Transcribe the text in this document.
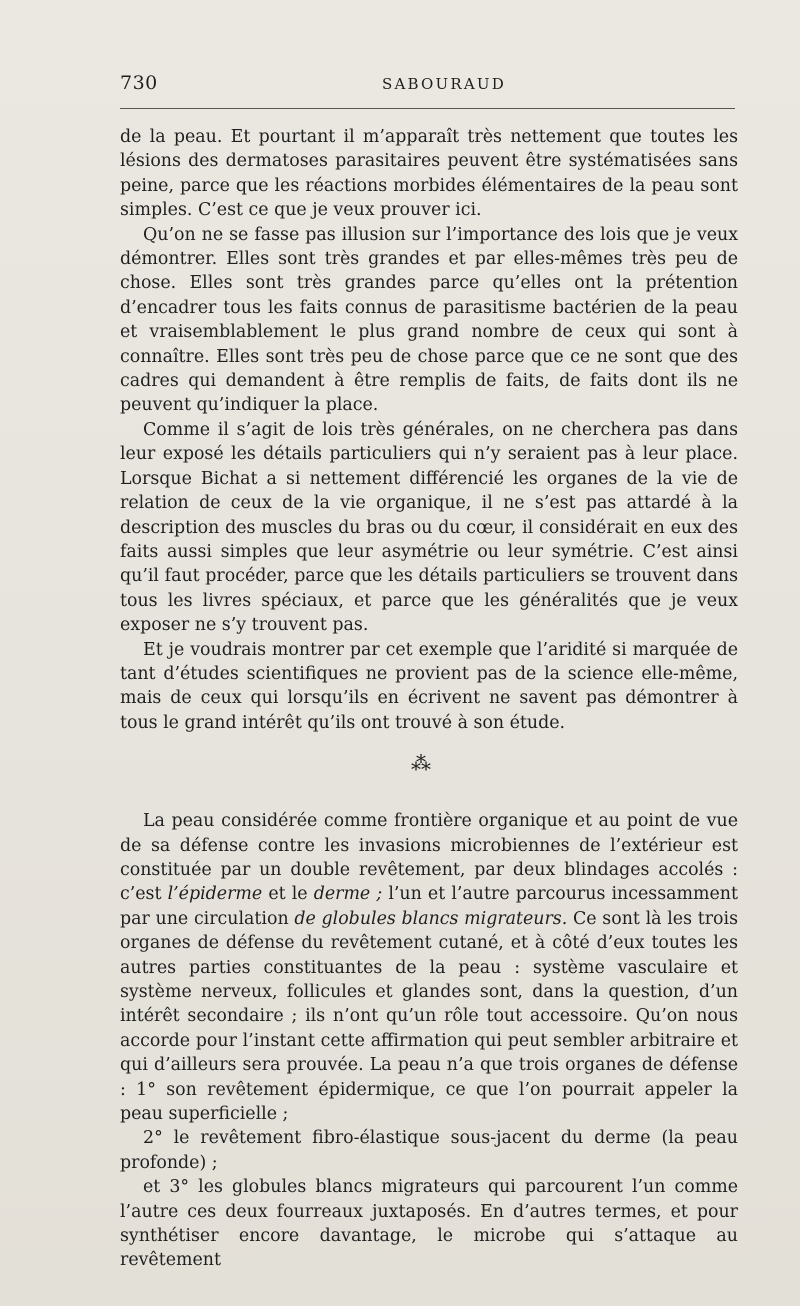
730	SABOURAUD

de la peau. Et pourtant il m’apparaît très nettement que toutes les lésions des dermatoses parasitaires peuvent être systématisées sans peine, parce que les réactions morbides élémentaires de la peau sont simples. C’est ce que je veux prouver ici.

Qu’on ne se fasse pas illusion sur l’importance des lois que je veux démontrer. Elles sont très grandes et par elles-mêmes très peu de chose. Elles sont très grandes parce qu’elles ont la prétention d’encadrer tous les faits connus de parasitisme bactérien de la peau et vraisemblablement le plus grand nombre de ceux qui sont à connaître. Elles sont très peu de chose parce que ce ne sont que des cadres qui demandent à être remplis de faits, de faits dont ils ne peuvent qu’indiquer la place.

Comme il s’agit de lois très générales, on ne cherchera pas dans leur exposé les détails particuliers qui n’y seraient pas à leur place. Lorsque Bichat a si nettement différencié les organes de la vie de relation de ceux de la vie organique, il ne s’est pas attardé à la description des muscles du bras ou du cœur, il considérait en eux des faits aussi simples que leur asymétrie ou leur symétrie. C’est ainsi qu’il faut procéder, parce que les détails particuliers se trouvent dans tous les livres spéciaux, et parce que les généralités que je veux exposer ne s’y trouvent pas.

Et je voudrais montrer par cet exemple que l’aridité si marquée de tant d’études scientifiques ne provient pas de la science elle-même, mais de ceux qui lorsqu’ils en écrivent ne savent pas démontrer à tous le grand intérêt qu’ils ont trouvé à son étude.

⁂

La peau considérée comme frontière organique et au point de vue de sa défense contre les invasions microbiennes de l’extérieur est constituée par un double revêtement, par deux blindages accolés : c’est l’épiderme et le derme ; l’un et l’autre parcourus incessamment par une circulation de globules blancs migrateurs. Ce sont là les trois organes de défense du revêtement cutané, et à côté d’eux toutes les autres parties constituantes de la peau : système vasculaire et système nerveux, follicules et glandes sont, dans la question, d’un intérêt secondaire ; ils n’ont qu’un rôle tout accessoire. Qu’on nous accorde pour l’instant cette affirmation qui peut sembler arbitraire et qui d’ailleurs sera prouvée. La peau n’a que trois organes de défense : 1° son revêtement épidermique, ce que l’on pourrait appeler la peau superficielle ;

2° le revêtement fibro-élastique sous-jacent du derme (la peau profonde) ;

et 3° les globules blancs migrateurs qui parcourent l’un comme l’autre ces deux fourreaux juxtaposés. En d’autres termes, et pour synthétiser encore davantage, le microbe qui s’attaque au revêtement
